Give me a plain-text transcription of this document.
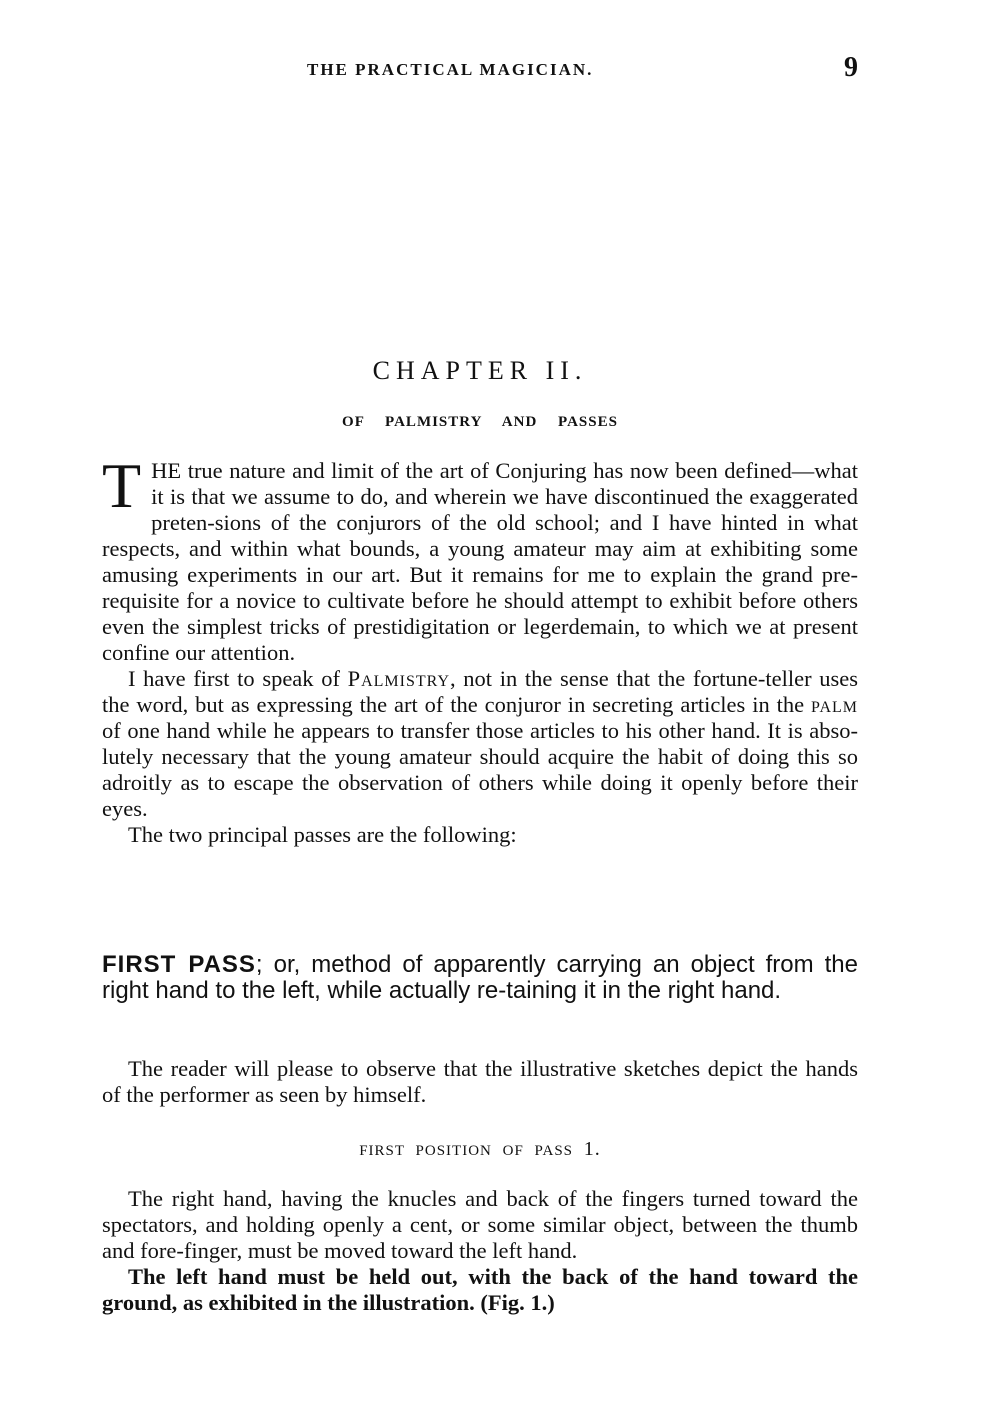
THE PRACTICAL MAGICIAN.	9
CHAPTER II.
OF PALMISTRY AND PASSES

THE true nature and limit of the art of Conjuring has now been defined—what it is that we assume to do, and wherein we have discontinued the exaggerated preten-sions of the conjurors of the old school; and I have hinted in what respects, and within what bounds, a young amateur may aim at exhibiting some amusing experiments in our art. But it remains for me to explain the grand pre-requisite for a novice to cultivate before he should attempt to exhibit before others even the simplest tricks of prestidigitation or legerdemain, to which we at present confine our attention.

I have first to speak of Palmistry, not in the sense that the fortune-teller uses the word, but as expressing the art of the conjuror in secreting articles in the palm of one hand while he appears to transfer those articles to his other hand. It is abso-lutely necessary that the young amateur should acquire the habit of doing this so adroitly as to escape the observation of others while doing it openly before their eyes.

The two principal passes are the following:

FIRST PASS; or, method of apparently carrying an object from the right hand to the left, while actually re-taining it in the right hand.

The reader will please to observe that the illustrative sketches depict the hands of the performer as seen by himself.

FIRST POSITION OF PASS 1.

The right hand, having the knucles and back of the fingers turned toward the spectators, and holding openly a cent, or some similar object, between the thumb and fore-finger, must be moved toward the left hand.

The left hand must be held out, with the back of the hand toward the ground, as exhibited in the illustration. (Fig. 1.)
